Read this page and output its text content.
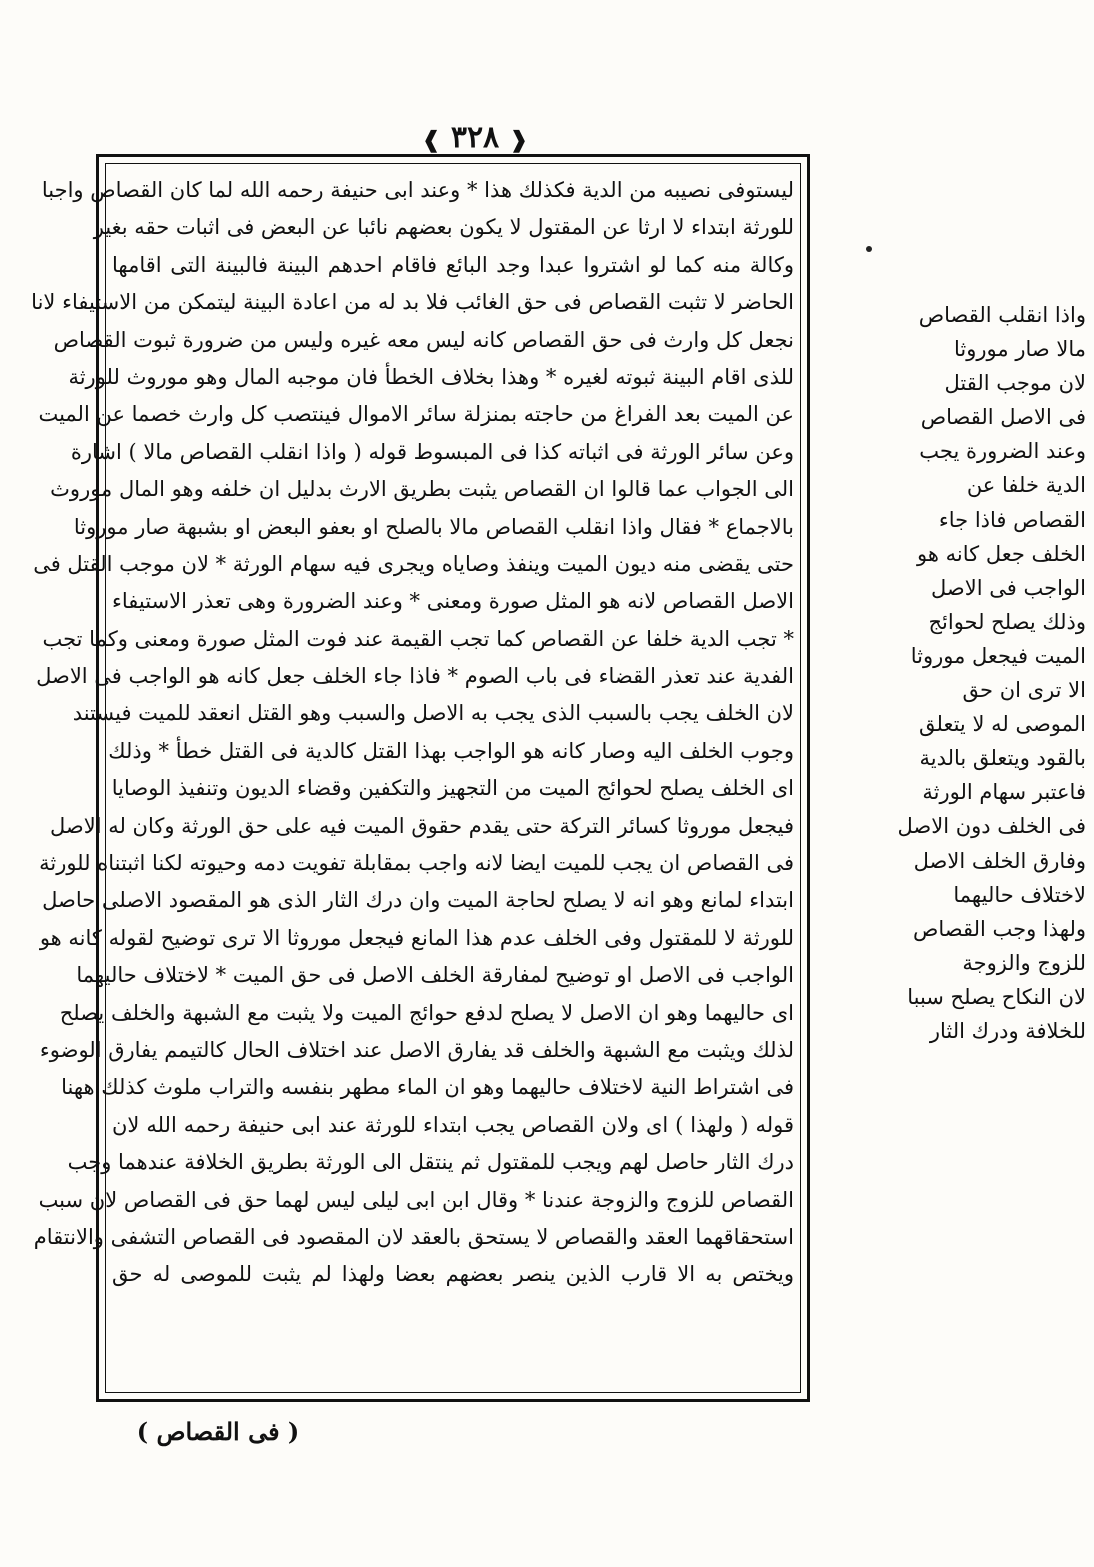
❰ ٣٢٨ ❱
ليستوفى نصيبه من الدية فكذلك هذا * وعند ابى حنيفة رحمه الله لما كان القصاص واجبا
للورثة ابتداء لا ارثا عن المقتول لا يكون بعضهم نائبا عن البعض فى اثبات حقه بغير
وكالة منه كما لو اشتروا عبدا وجد البائع فاقام احدهم البينة فالبينة التى اقامها
الحاضر لا تثبت القصاص فى حق الغائب فلا بد له من اعادة البينة ليتمكن من الاستيفاء لانا
نجعل كل وارث فى حق القصاص كانه ليس معه غيره وليس من ضرورة ثبوت القصاص
للذى اقام البينة ثبوته لغيره * وهذا بخلاف الخطأ فان موجبه المال وهو موروث للورثة
عن الميت بعد الفراغ من حاجته بمنزلة سائر الاموال فينتصب كل وارث خصما عن الميت
وعن سائر الورثة فى اثباته كذا فى المبسوط قوله ( واذا انقلب القصاص مالا ) اشارة
الى الجواب عما قالوا ان القصاص يثبت بطريق الارث بدليل ان خلفه وهو المال موروث
بالاجماع * فقال واذا انقلب القصاص مالا بالصلح او بعفو البعض او بشبهة صار موروثا
حتى يقضى منه ديون الميت وينفذ وصاياه ويجرى فيه سهام الورثة * لان موجب القتل فى
الاصل القصاص لانه هو المثل صورة ومعنى * وعند الضرورة وهى تعذر الاستيفاء
* تجب الدية خلفا عن القصاص كما تجب القيمة عند فوت المثل صورة ومعنى وكما تجب
الفدية عند تعذر القضاء فى باب الصوم * فاذا جاء الخلف جعل كانه هو الواجب فى الاصل
لان الخلف يجب بالسبب الذى يجب به الاصل والسبب وهو القتل انعقد للميت فيستند
وجوب الخلف اليه وصار كانه هو الواجب بهذا القتل كالدية فى القتل خطأ * وذلك
اى الخلف يصلح لحوائج الميت من التجهيز والتكفين وقضاء الديون وتنفيذ الوصايا
فيجعل موروثا كسائر التركة حتى يقدم حقوق الميت فيه على حق الورثة وكان له الاصل
فى القصاص ان يجب للميت ايضا لانه واجب بمقابلة تفويت دمه وحيوته لكنا اثبتناه للورثة
ابتداء لمانع وهو انه لا يصلح لحاجة الميت وان درك الثار الذى هو المقصود الاصلى حاصل
للورثة لا للمقتول وفى الخلف عدم هذا المانع فيجعل موروثا الا ترى توضيح لقوله كانه هو
الواجب فى الاصل او توضيح لمفارقة الخلف الاصل فى حق الميت * لاختلاف حاليهما
اى حاليهما وهو ان الاصل لا يصلح لدفع حوائج الميت ولا يثبت مع الشبهة والخلف يصلح
لذلك ويثبت مع الشبهة والخلف قد يفارق الاصل عند اختلاف الحال كالتيمم يفارق الوضوء
فى اشتراط النية لاختلاف حاليهما وهو ان الماء مطهر بنفسه والتراب ملوث كذلك ههنا
قوله ( ولهذا ) اى ولان القصاص يجب ابتداء للورثة عند ابى حنيفة رحمه الله لان
درك الثار حاصل لهم ويجب للمقتول ثم ينتقل الى الورثة بطريق الخلافة عندهما وجب
القصاص للزوج والزوجة عندنا * وقال ابن ابى ليلى ليس لهما حق فى القصاص لان سبب
استحقاقهما العقد والقصاص لا يستحق بالعقد لان المقصود فى القصاص التشفى والانتقام
ويختص به الا قارب الذين ينصر بعضهم بعضا ولهذا لم يثبت للموصى له حق
واذا انقلب القصاص
مالا صار موروثا
لان موجب القتل
فى الاصل القصاص
وعند الضرورة يجب
الدية خلفا عن
القصاص فاذا جاء
الخلف جعل كانه هو
الواجب فى الاصل
وذلك يصلح لحوائج
الميت فيجعل موروثا
الا ترى ان حق
الموصى له لا يتعلق
بالقود ويتعلق بالدية
فاعتبر سهام الورثة
فى الخلف دون الاصل
وفارق الخلف الاصل
لاختلاف حاليهما
ولهذا وجب القصاص
للزوج والزوجة
لان النكاح يصلح سببا
للخلافة ودرك الثار
( فى القصاص )
